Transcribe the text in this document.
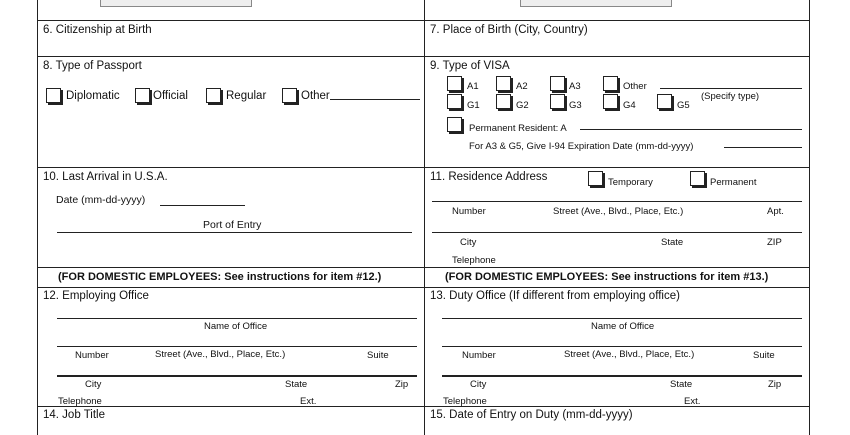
6. Citizenship at Birth	7. Place of Birth (City, Country)
8. Type of Passport
Diplomatic	Official	Regular	Other
9. Type of VISA
A1	A2	A3	Other
(Specify type)
G1	G2	G3	G4	G5
Permanent Resident: A
For A3 & G5, Give I-94 Expiration Date (mm-dd-yyyy)
10. Last Arrival in U.S.A.
Date (mm-dd-yyyy)
Port of Entry
11. Residence Address	Temporary	Permanent
Number	Street (Ave., Blvd., Place, Etc.)	Apt.
City	State	ZIP
Telephone
(FOR DOMESTIC EMPLOYEES: See instructions for item #12.)	(FOR DOMESTIC EMPLOYEES: See instructions for item #13.)
12. Employing Office
Name of Office
Number	Street (Ave., Blvd., Place, Etc.)	Suite
City	State	Zip
Telephone	Ext.
13. Duty Office (If different from employing office)
Name of Office
Number	Street (Ave., Blvd., Place, Etc.)	Suite
City	State	Zip
Telephone	Ext.
14. Job Title	15. Date of Entry on Duty (mm-dd-yyyy)
